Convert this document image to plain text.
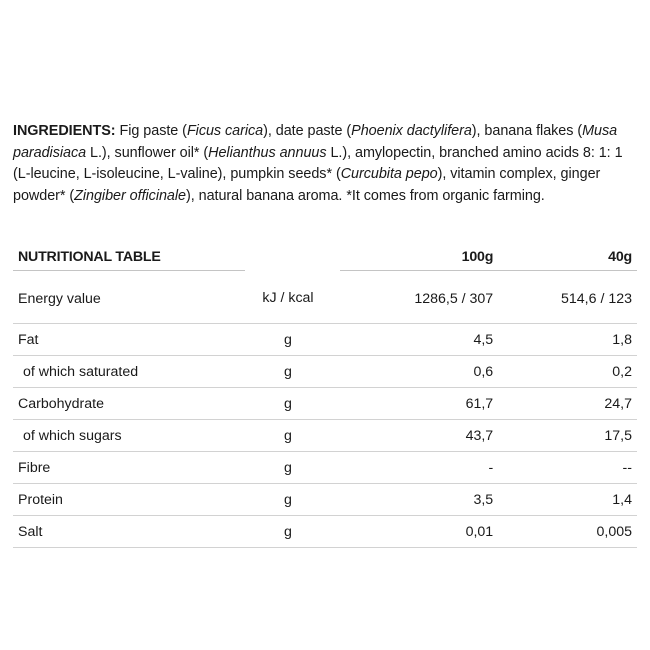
INGREDIENTS: Fig paste (Ficus carica), date paste (Phoenix dactylifera), banana flakes (Musa paradisiaca L.), sunflower oil* (Helianthus annuus L.), amylopectin, branched amino acids 8: 1: 1 (L-leucine, L-isoleucine, L-valine), pumpkin seeds* (Curcubita pepo), vitamin complex, ginger powder* (Zingiber officinale), natural banana aroma. *It comes from organic farming.
NUTRITIONAL TABLE		100g	40g
Energy value	kJ / kcal	1286,5 / 307	514,6 / 123
Fat	g	4,5	1,8
of which saturated	g	0,6	0,2
Carbohydrate	g	61,7	24,7
of which sugars	g	43,7	17,5
Fibre	g	-	--
Protein	g	3,5	1,4
Salt	g	0,01	0,005
